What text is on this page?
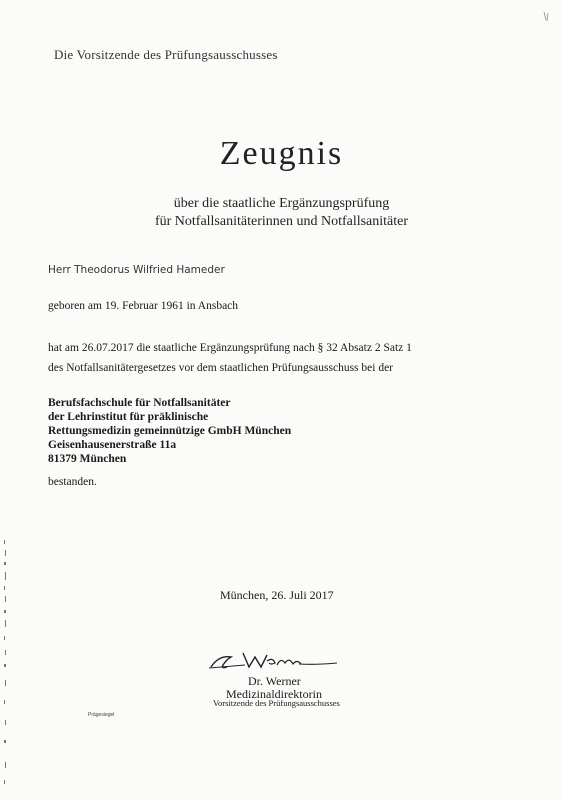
Die Vorsitzende des Prüfungsausschusses
Zeugnis
über die staatliche Ergänzungsprüfung
für Notfallsanitäterinnen und Notfallsanitäter
Herr Theodorus Wilfried Hameder
geboren am 19. Februar 1961 in Ansbach
hat am 26.07.2017 die staatliche Ergänzungsprüfung nach § 32 Absatz 2 Satz 1
des Notfallsanitätergesetzes vor dem staatlichen Prüfungsausschuss bei der
Berufsfachschule für Notfallsanitäter
der Lehrinstitut für präklinische
Rettungsmedizin gemeinnützige GmbH München
Geisenhausenerstraße 11a
81379 München
bestanden.
München, 26. Juli 2017
Dr. Werner
Medizinaldirektorin
Vorsitzende des Prüfungsausschusses
Prägesiegel
